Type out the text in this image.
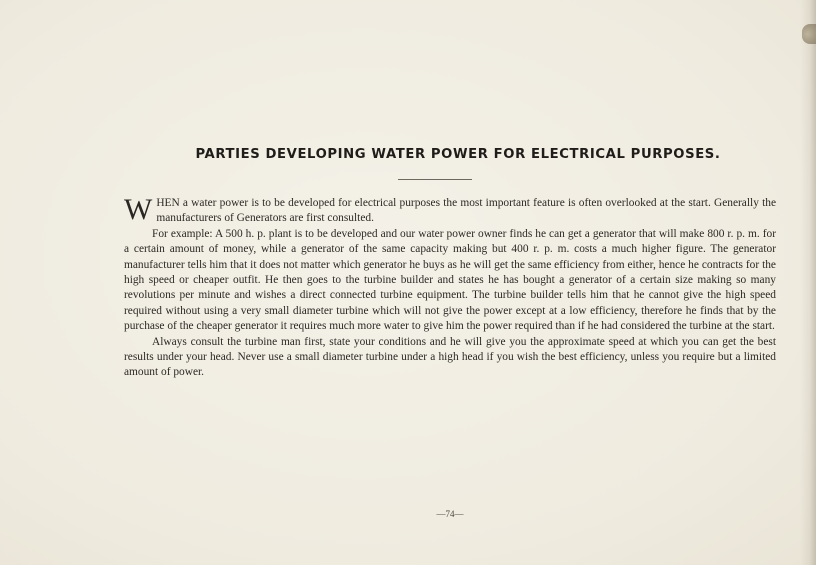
PARTIES DEVELOPING WATER POWER FOR ELECTRICAL PURPOSES.

WHEN a water power is to be developed for electrical purposes the most important feature is often overlooked at the start. Generally the manufacturers of Generators are first consulted.

For example: A 500 h. p. plant is to be developed and our water power owner finds he can get a generator that will make 800 r. p. m. for a certain amount of money, while a generator of the same capacity making but 400 r. p. m. costs a much higher figure. The generator manufacturer tells him that it does not matter which generator he buys as he will get the same efficiency from either, hence he contracts for the high speed or cheaper outfit. He then goes to the turbine builder and states he has bought a generator of a certain size making so many revolutions per minute and wishes a direct connected turbine equipment. The turbine builder tells him that he cannot give the high speed required without using a very small diameter turbine which will not give the power except at a low efficiency, therefore he finds that by the purchase of the cheaper generator it requires much more water to give him the power required than if he had considered the turbine at the start.

Always consult the turbine man first, state your conditions and he will give you the approximate speed at which you can get the best results under your head. Never use a small diameter turbine under a high head if you wish the best efficiency, unless you require but a limited amount of power.

—74—
